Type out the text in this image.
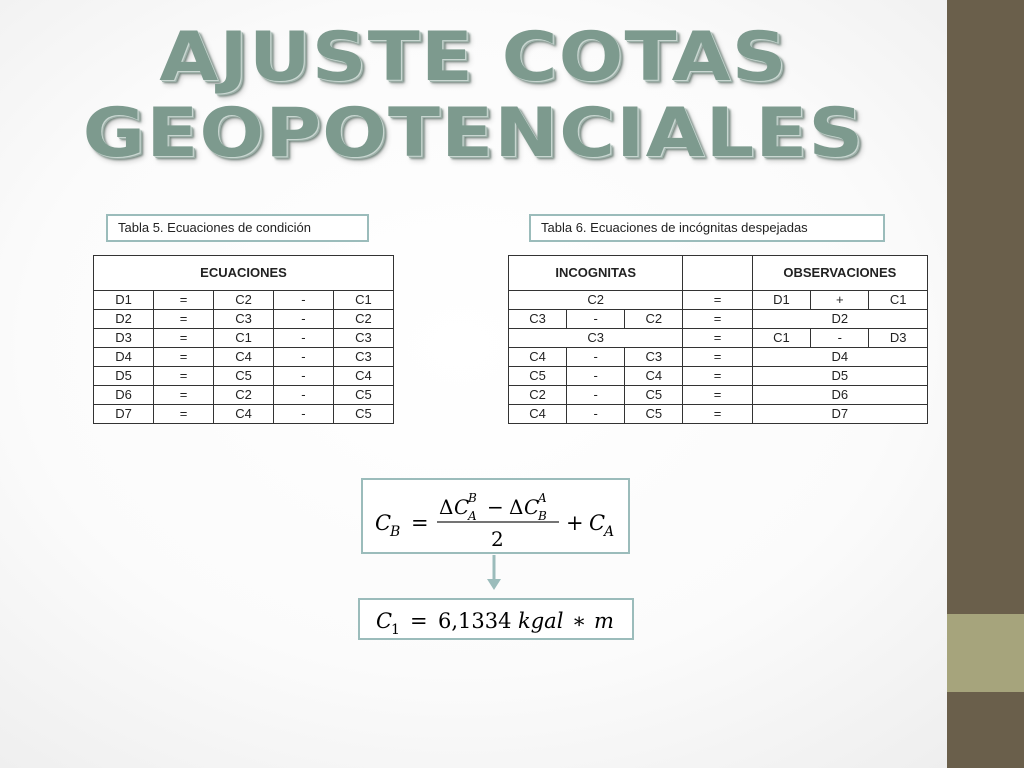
AJUSTE COTAS
GEOPOTENCIALES
Tabla 5. Ecuaciones de condición	Tabla 6. Ecuaciones de incógnitas despejadas
ECUACIONES				
D1	=	C2	-	C1
D2	=	C3	-	C2
D3	=	C1	-	C3
D4	=	C4	-	C3
D5	=	C5	-	C4
D6	=	C2	-	C5
D7	=	C4	-	C5
INCOGNITAS				OBSERVACIONES		
C2			=	D1	+	C1
C3	-	C2	=	D2		
C3			=	C1	-	D3
C4	-	C3	=	D4		
C5	-	C4	=	D5		
C2	-	C5	=	D6		
C4	-	C5	=	D7		
C
B =
Δ C
B
A − Δ C
A
B
2
+ C
A
C
1 = 6,1334 kgal ∗ m
